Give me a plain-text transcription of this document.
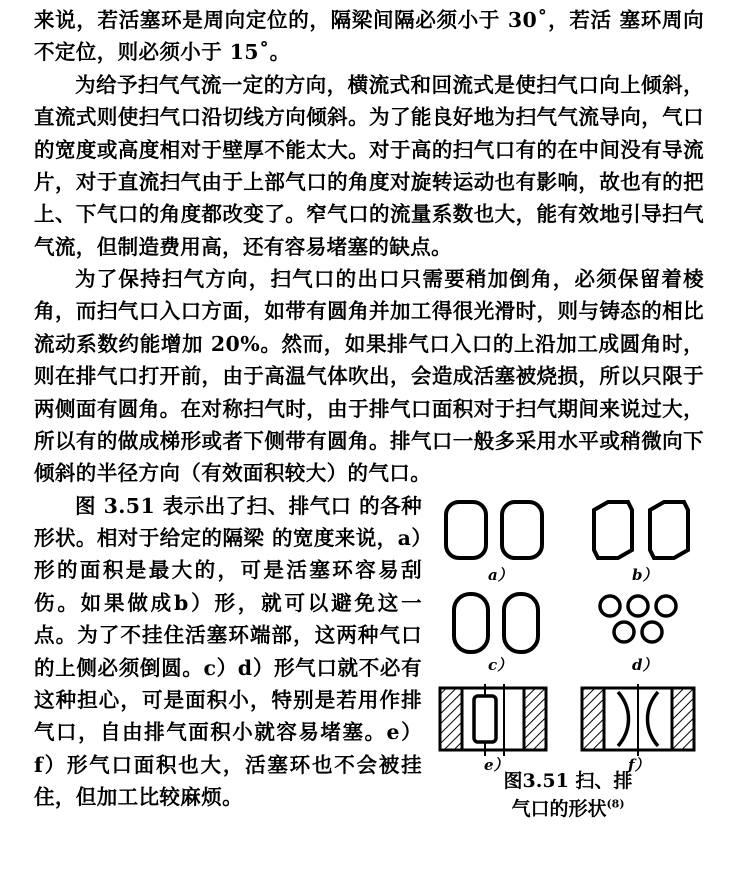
来说，若活塞环是周向定位的，隔梁间隔必须小于 30˚，若活 塞环周向不定位，则必须小于 15˚。

为给予扫气气流一定的方向，横流式和回流式是使扫气口向上倾斜，直流式则使扫气口沿切线方向倾斜。为了能良好地为扫气气流导向，气口的宽度或高度相对于壁厚不能太大。对于高的扫气口有的在中间没有导流片，对于直流扫气由于上部气口的角度对旋转运动也有影响，故也有的把上、下气口的角度都改变了。窄气口的流量系数也大，能有效地引导扫气气流，但制造费用高，还有容易堵塞的缺点。

为了保持扫气方向，扫气口的出口只需要稍加倒角，必须保留着棱角，而扫气口入口方面，如带有圆角并加工得很光滑时，则与铸态的相比流动系数约能增加 20%。然而，如果排气口入口的上沿加工成圆角时，则在排气口打开前，由于高温气体吹出，会造成活塞被烧损，所以只限于两侧面有圆角。在对称扫气时，由于排气口面积对于扫气期间来说过大，所以有的做成梯形或者下侧带有圆角。排气口一般多采用水平或稍微向下倾斜的半径方向（有效面积较大）的气口。

a）	b）
c）	d）
e）	f）
图3.51 扫、排
气口的形状$^{(8)}$

图 3.51 表示出了扫、排气口 的各种形状。相对于给定的隔梁 的宽度来说，a）形的面积是最大的，可是活塞环容易刮伤。如果做成b）形，就可以避免这一点。为了不挂住活塞环端部，这两种气口的上侧必须倒圆。c）d）形气口就不必有这种担心，可是面积小，特别是若用作排气口，自由排气面积小就容易堵塞。e）f）形气口面积也大，活塞环也不会被挂住，但加工比较麻烦。
